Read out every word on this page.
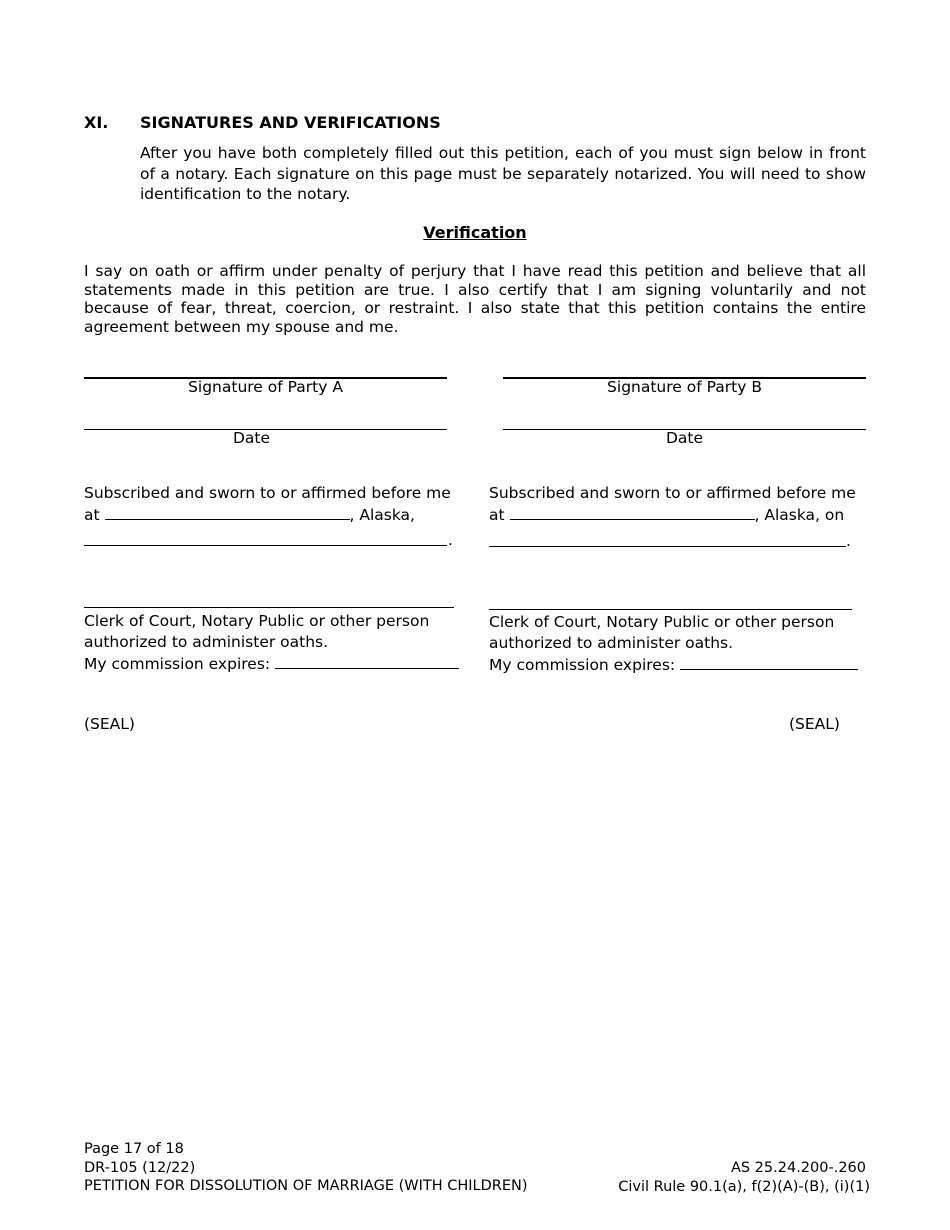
XI. SIGNATURES AND VERIFICATIONS
After you have both completely filled out this petition, each of you must sign below in front of a notary. Each signature on this page must be separately notarized. You will need to show identification to the notary.
Verification
I say on oath or affirm under penalty of perjury that I have read this petition and believe that all statements made in this petition are true. I also certify that I am signing voluntarily and not because of fear, threat, coercion, or restraint. I also state that this petition contains the entire agreement between my spouse and me.
Signature of Party A
Date
Signature of Party B
Date
Subscribed and sworn to or affirmed before me
at	, Alaska,
.
Clerk of Court, Notary Public or other person
authorized to administer oaths.
My commission expires:
(SEAL)
Subscribed and sworn to or affirmed before me
at	, Alaska, on
.
Clerk of Court, Notary Public or other person
authorized to administer oaths.
My commission expires:
(SEAL)
Page 17 of 18
DR-105 (12/22)
PETITION FOR DISSOLUTION OF MARRIAGE (WITH CHILDREN)
AS 25.24.200-.260
Civil Rule 90.1(a), f(2)(A)-(B), (i)(1)
